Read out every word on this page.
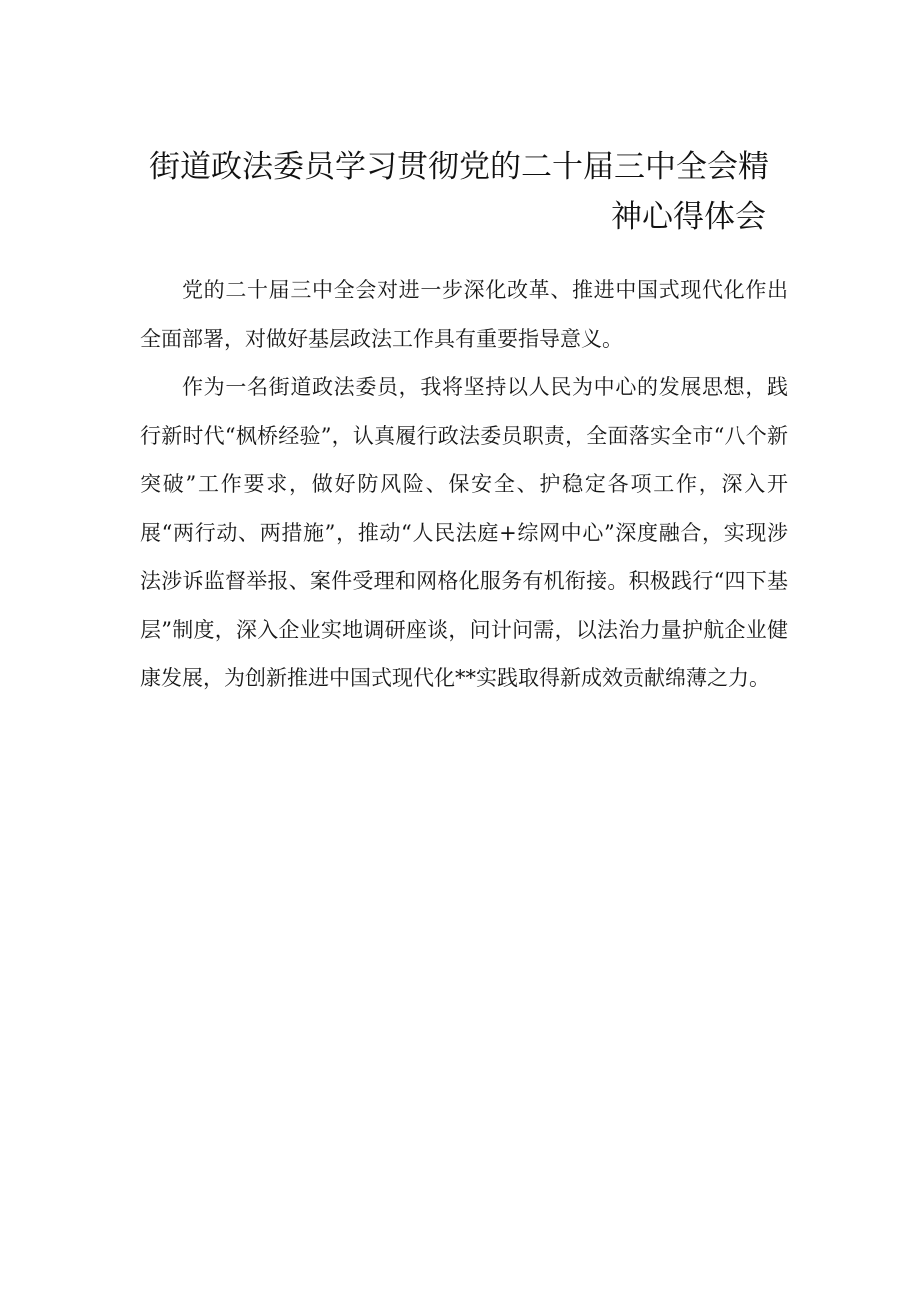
街道政法委员学习贯彻党的二十届三中全会精
神心得体会

党的二十届三中全会对进一步深化改革、推进中国式现代化作出全面部署，对做好基层政法工作具有重要指导意义。

作为一名街道政法委员，我将坚持以人民为中心的发展思想，践行新时代“枫桥经验”，认真履行政法委员职责，全面落实全市“八个新突破”工作要求，做好防风险、保安全、护稳定各项工作，深入开展“两行动、两措施”，推动“人民法庭+综网中心”深度融合，实现涉法涉诉监督举报、案件受理和网格化服务有机衔接。积极践行“四下基层”制度，深入企业实地调研座谈，问计问需，以法治力量护航企业健康发展，为创新推进中国式现代化**实践取得新成效贡献绵薄之力。
